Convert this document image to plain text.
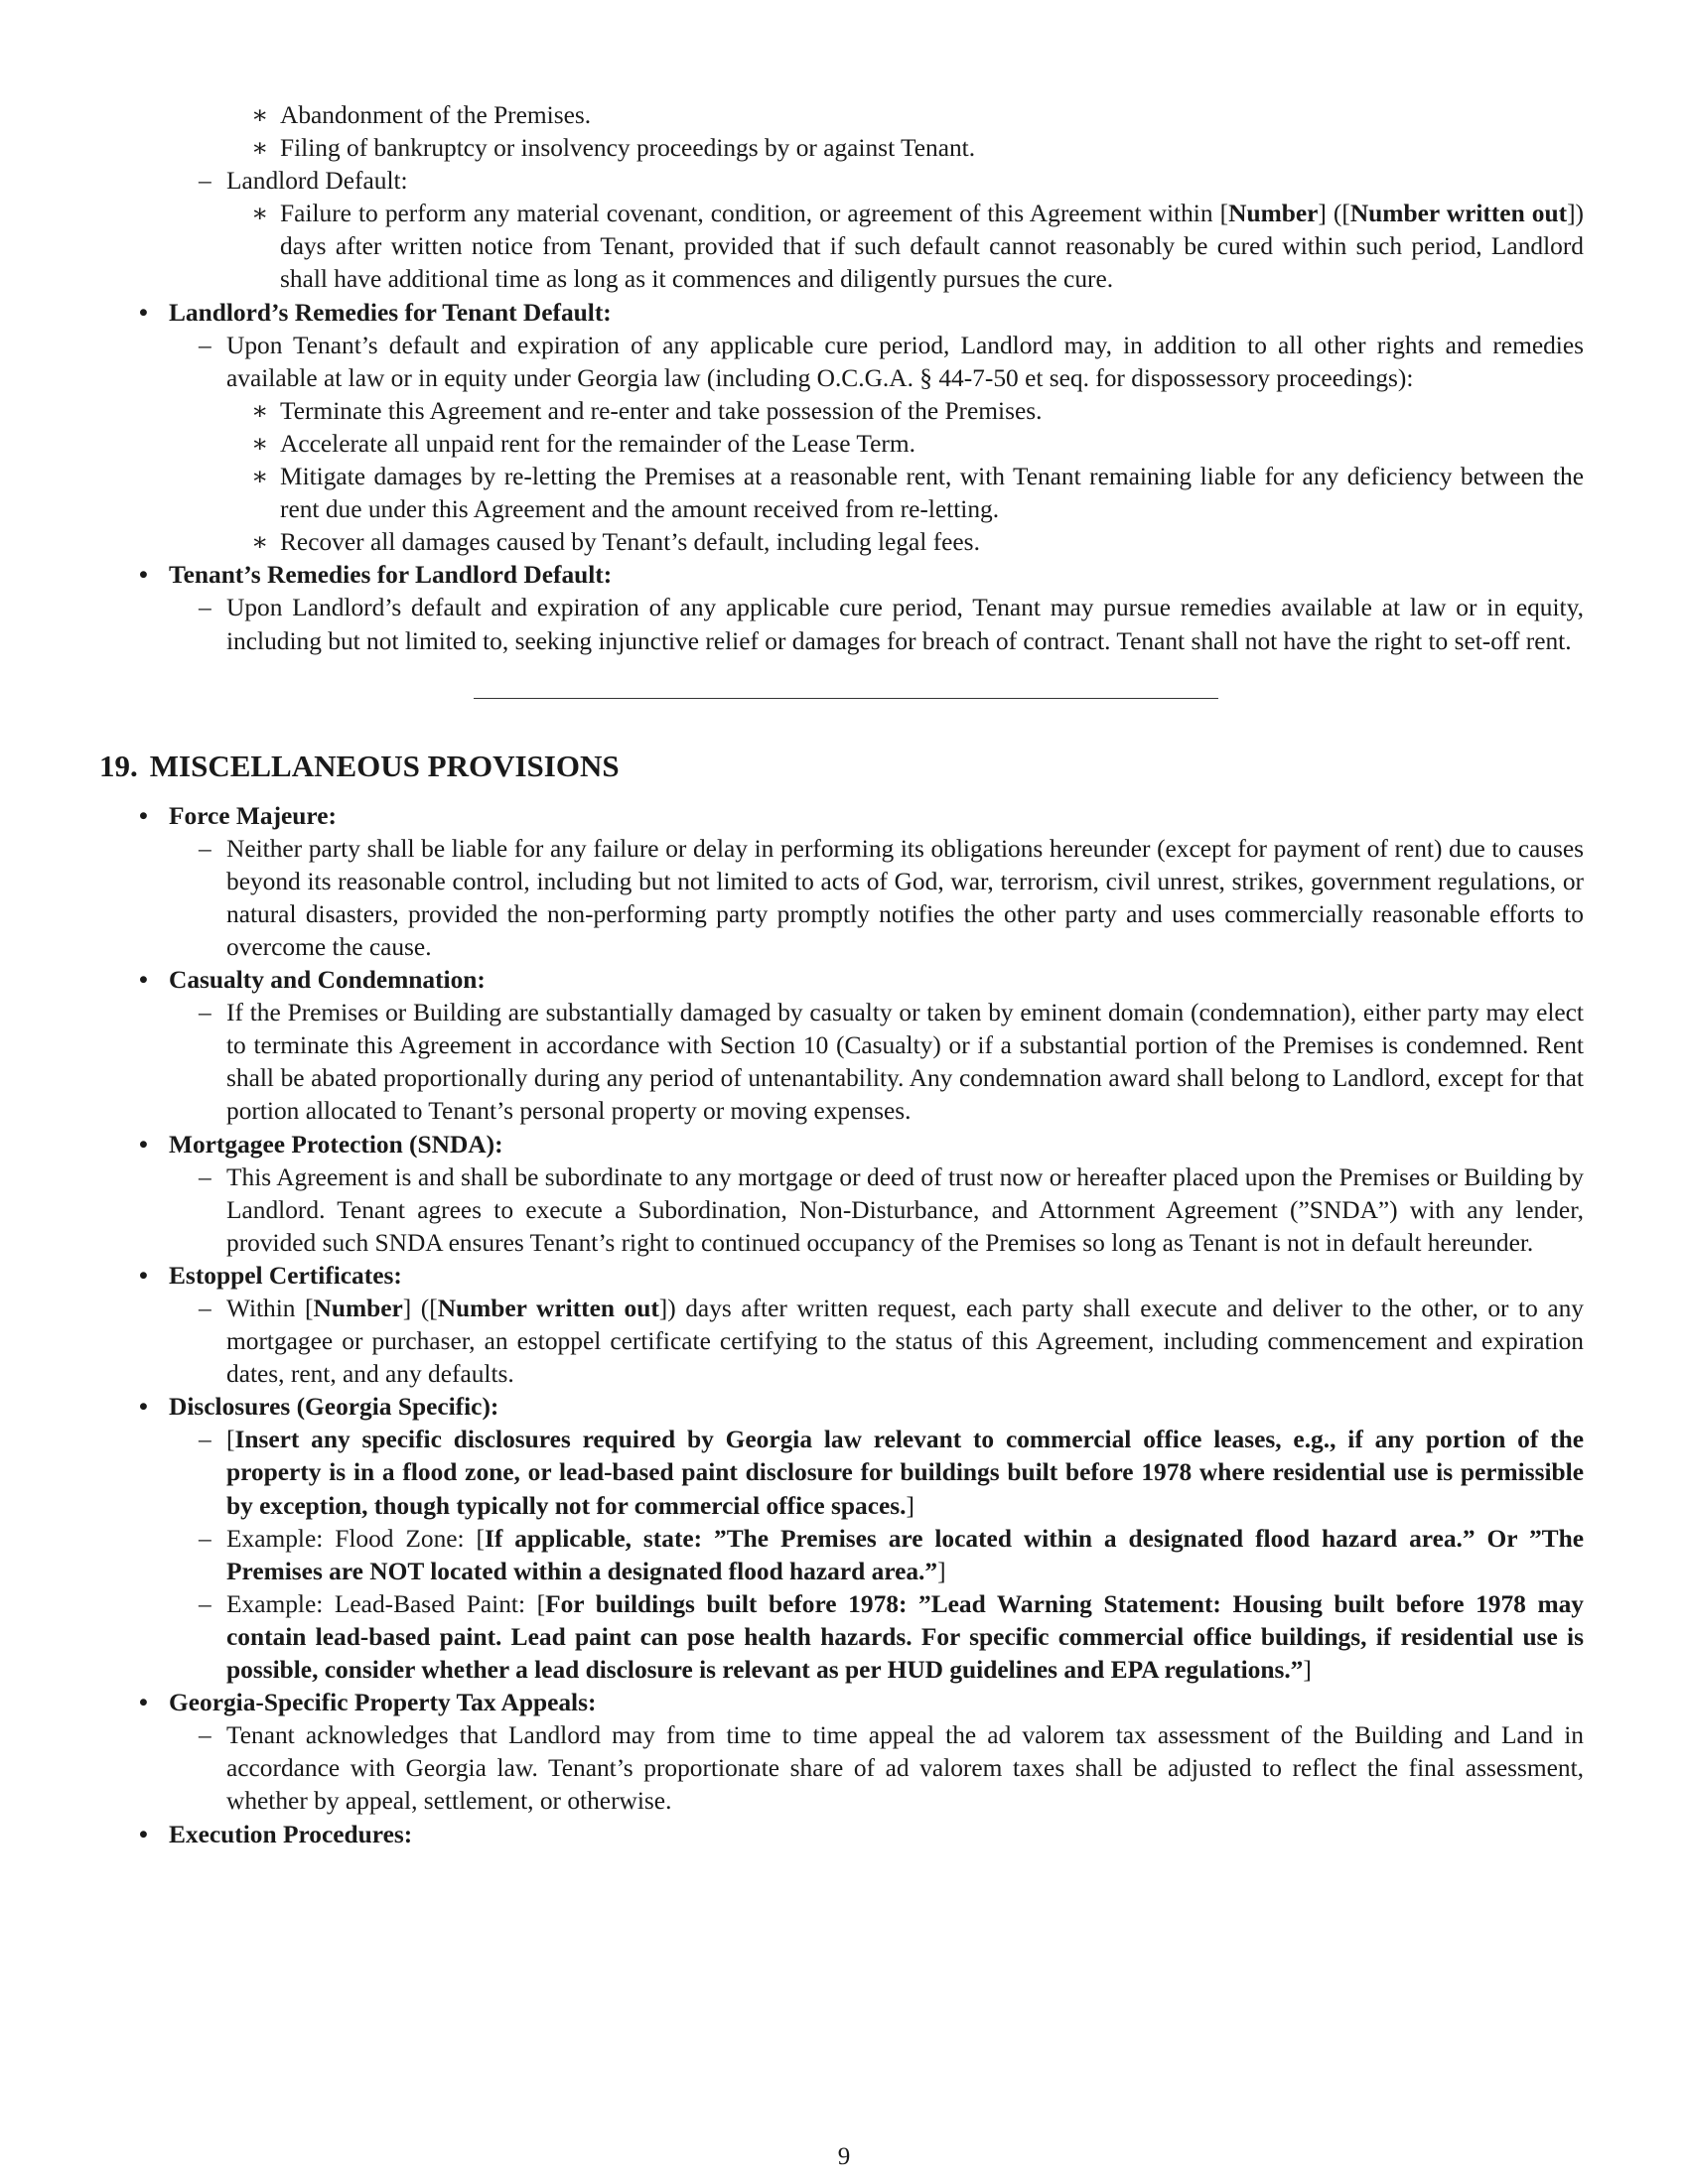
∗ Abandonment of the Premises.
∗ Filing of bankruptcy or insolvency proceedings by or against Tenant.
– Landlord Default:
∗ Failure to perform any material covenant, condition, or agreement of this Agreement within [Number] ([Number written out]) days after written notice from Tenant, provided that if such default cannot reasonably be cured within such period, Landlord shall have additional time as long as it commences and diligently pursues the cure.
• Landlord’s Remedies for Tenant Default:
– Upon Tenant’s default and expiration of any applicable cure period, Landlord may, in addition to all other rights and remedies available at law or in equity under Georgia law (including O.C.G.A. § 44-7-50 et seq. for dispossessory proceedings):
∗ Terminate this Agreement and re-enter and take possession of the Premises.
∗ Accelerate all unpaid rent for the remainder of the Lease Term.
∗ Mitigate damages by re-letting the Premises at a reasonable rent, with Tenant remaining liable for any deficiency between the rent due under this Agreement and the amount received from re-letting.
∗ Recover all damages caused by Tenant’s default, including legal fees.
• Tenant’s Remedies for Landlord Default:
– Upon Landlord’s default and expiration of any applicable cure period, Tenant may pursue remedies available at law or in equity, including but not limited to, seeking injunctive relief or damages for breach of contract. Tenant shall not have the right to set-off rent.
19. MISCELLANEOUS PROVISIONS
• Force Majeure:
– Neither party shall be liable for any failure or delay in performing its obligations hereunder (except for payment of rent) due to causes beyond its reasonable control, including but not limited to acts of God, war, terrorism, civil unrest, strikes, government regulations, or natural disasters, provided the non-performing party promptly notifies the other party and uses commercially reasonable efforts to overcome the cause.
• Casualty and Condemnation:
– If the Premises or Building are substantially damaged by casualty or taken by eminent domain (condemnation), either party may elect to terminate this Agreement in accordance with Section 10 (Casualty) or if a substantial portion of the Premises is condemned. Rent shall be abated proportionally during any period of untenantability. Any condemnation award shall belong to Landlord, except for that portion allocated to Tenant’s personal property or moving expenses.
• Mortgagee Protection (SNDA):
– This Agreement is and shall be subordinate to any mortgage or deed of trust now or hereafter placed upon the Premises or Building by Landlord. Tenant agrees to execute a Subordination, Non-Disturbance, and Attornment Agreement (”SNDA”) with any lender, provided such SNDA ensures Tenant’s right to continued occupancy of the Premises so long as Tenant is not in default hereunder.
• Estoppel Certificates:
– Within [Number] ([Number written out]) days after written request, each party shall execute and deliver to the other, or to any mortgagee or purchaser, an estoppel certificate certifying to the status of this Agreement, including commencement and expiration dates, rent, and any defaults.
• Disclosures (Georgia Specific):
– [Insert any specific disclosures required by Georgia law relevant to commercial office leases, e.g., if any portion of the property is in a flood zone, or lead-based paint disclosure for buildings built before 1978 where residential use is permissible by exception, though typically not for commercial office spaces.]
– Example: Flood Zone: [If applicable, state: ”The Premises are located within a designated flood hazard area.” Or ”The Premises are NOT located within a designated flood hazard area.”]
– Example: Lead-Based Paint: [For buildings built before 1978: ”Lead Warning Statement: Housing built before 1978 may contain lead-based paint. Lead paint can pose health hazards. For specific commercial office buildings, if residential use is possible, consider whether a lead disclosure is relevant as per HUD guidelines and EPA regulations.”]
• Georgia-Specific Property Tax Appeals:
– Tenant acknowledges that Landlord may from time to time appeal the ad valorem tax assessment of the Building and Land in accordance with Georgia law. Tenant’s proportionate share of ad valorem taxes shall be adjusted to reflect the final assessment, whether by appeal, settlement, or otherwise.
• Execution Procedures:
9
